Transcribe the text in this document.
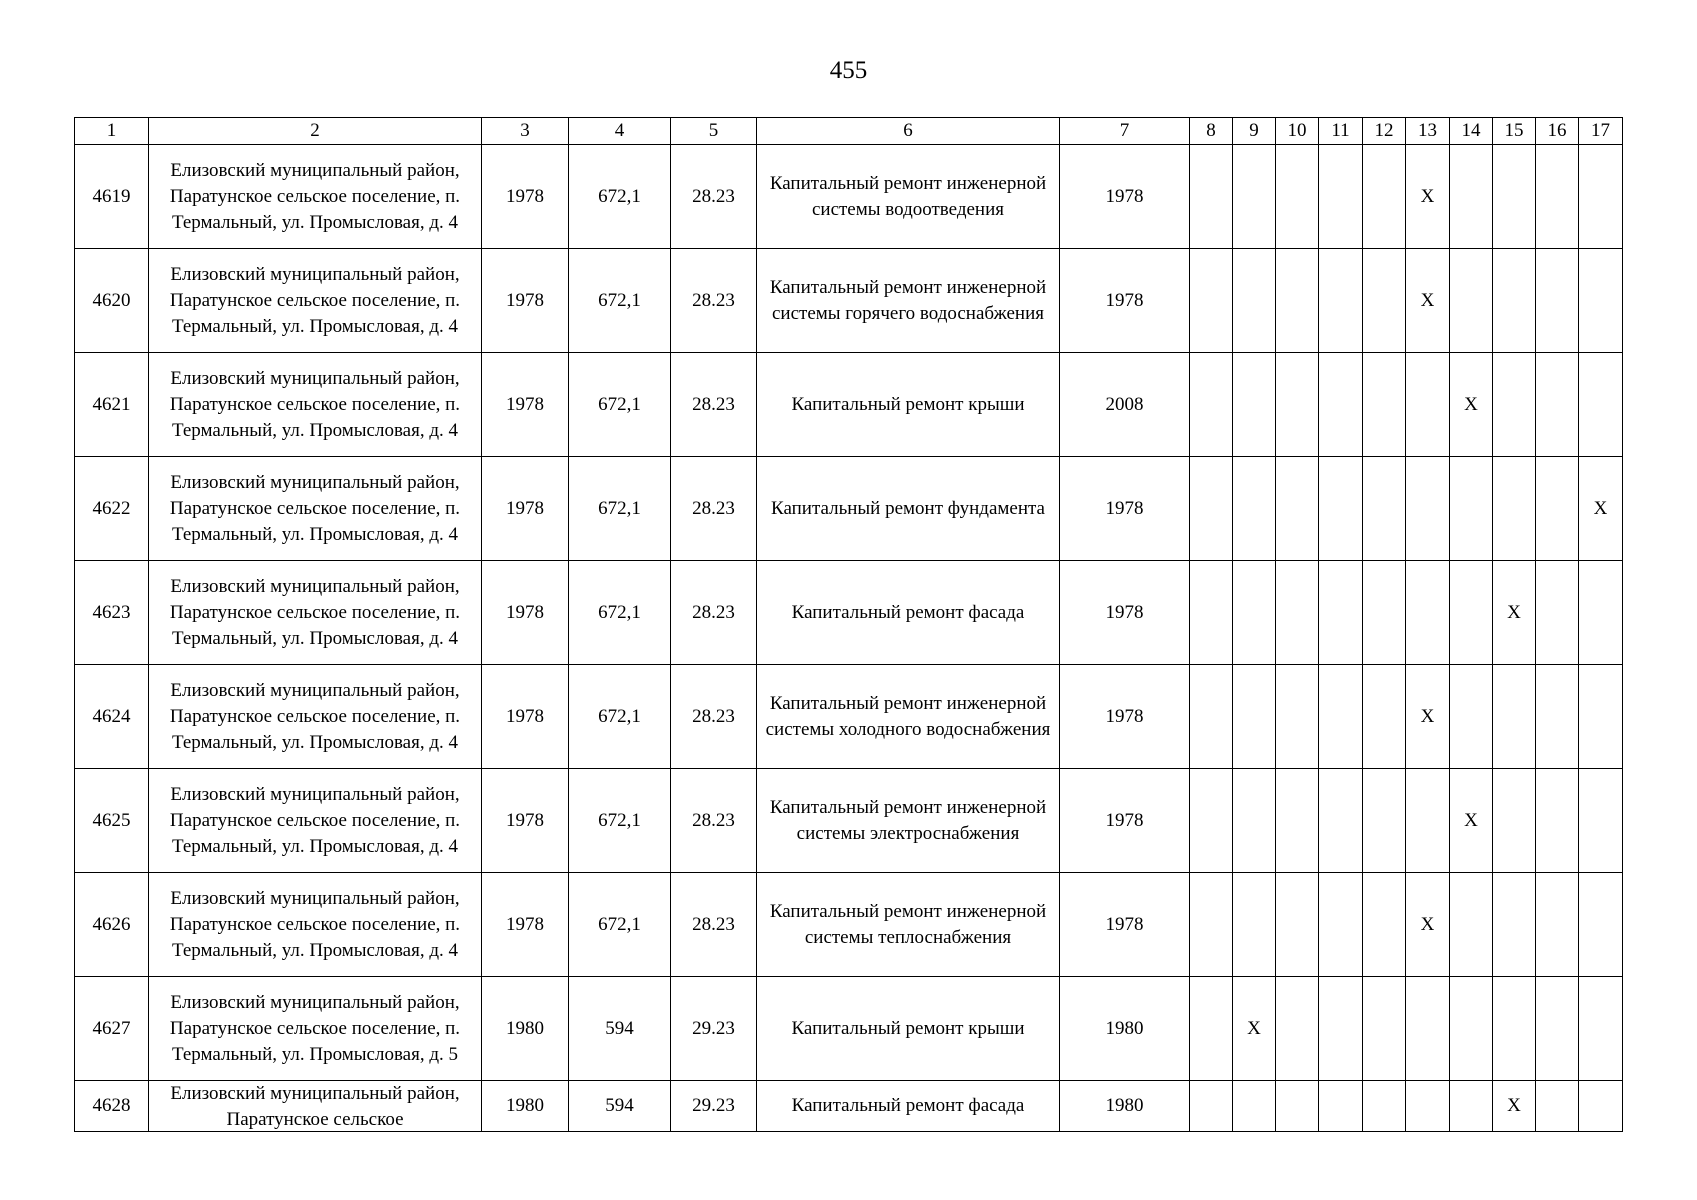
455
1	2	3	4	5	6	7	8	9	10	11	12	13	14	15	16	17
4619	Елизовский муниципальный район, Паратунское сельское поселение, п. Термальный, ул. Промысловая, д. 4	1978	672,1	28.23	Капитальный ремонт инженерной системы водоотведения	1978						X				
4620	Елизовский муниципальный район, Паратунское сельское поселение, п. Термальный, ул. Промысловая, д. 4	1978	672,1	28.23	Капитальный ремонт инженерной системы горячего водоснабжения	1978						X				
4621	Елизовский муниципальный район, Паратунское сельское поселение, п. Термальный, ул. Промысловая, д. 4	1978	672,1	28.23	Капитальный ремонт крыши	2008							X			
4622	Елизовский муниципальный район, Паратунское сельское поселение, п. Термальный, ул. Промысловая, д. 4	1978	672,1	28.23	Капитальный ремонт фундамента	1978										X
4623	Елизовский муниципальный район, Паратунское сельское поселение, п. Термальный, ул. Промысловая, д. 4	1978	672,1	28.23	Капитальный ремонт фасада	1978								X		
4624	Елизовский муниципальный район, Паратунское сельское поселение, п. Термальный, ул. Промысловая, д. 4	1978	672,1	28.23	Капитальный ремонт инженерной системы холодного водоснабжения	1978						X				
4625	Елизовский муниципальный район, Паратунское сельское поселение, п. Термальный, ул. Промысловая, д. 4	1978	672,1	28.23	Капитальный ремонт инженерной системы электроснабжения	1978							X			
4626	Елизовский муниципальный район, Паратунское сельское поселение, п. Термальный, ул. Промысловая, д. 4	1978	672,1	28.23	Капитальный ремонт инженерной системы теплоснабжения	1978						X				
4627	Елизовский муниципальный район, Паратунское сельское поселение, п. Термальный, ул. Промысловая, д. 5	1980	594	29.23	Капитальный ремонт крыши	1980		X								
4628	Елизовский муниципальный район, Паратунское сельское	1980	594	29.23	Капитальный ремонт фасада	1980								X		
